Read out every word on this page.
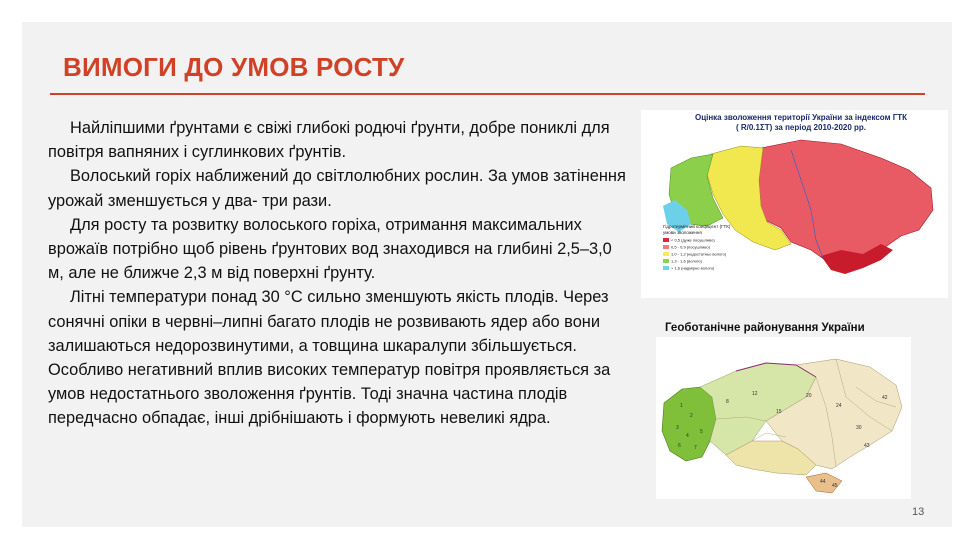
ВИМОГИ ДО УМОВ РОСТУ

Найліпшими ґрунтами є свіжі глибокі родючі ґрунти, добре пониклі для повітря вапняних і суглинкових ґрунтів.

Волоський горіх наближений до світлолюбних рослин. За умов затінення урожай зменшується у два- три рази.

Для росту та розвитку волоського горіха, отримання максимальних врожаїв потрібно щоб рівень ґрунтових вод знаходився на глибині 2,5–3,0 м, але не ближче 2,3 м від поверхні ґрунту.

Літні температури понад 30 °С сильно зменшують якість плодів. Через сонячні опіки в червні–липні багато плодів не розвивають ядер або вони залишаються недорозвинутими, а товщина шкаралупи збільшується. Особливо негативний вплив високих температур повітря проявляється за умов недостатнього зволоження ґрунтів. Тоді значна частина плодів передчасно обпадає, інші дрібнішають і формують невеликі ядра.

Оцінка зволоження території України за індексом ГТК
( R/0.1ΣT) за період 2010-2020 рр.
Гідротермічний коефіцієнт (ГТК)
умови зволоження
< 0,5 (дуже посушливо)
0,5 - 0,9 (посушливо)
1,0 - 1,2 (недостатньо волого)
1,3 - 1,6 (волого)
> 1,6 (надмірно волого)
Геоботанічне районування України
1
2
3
4
5
6	7
8
12
15
20
24
30
42
43
44
45
13
